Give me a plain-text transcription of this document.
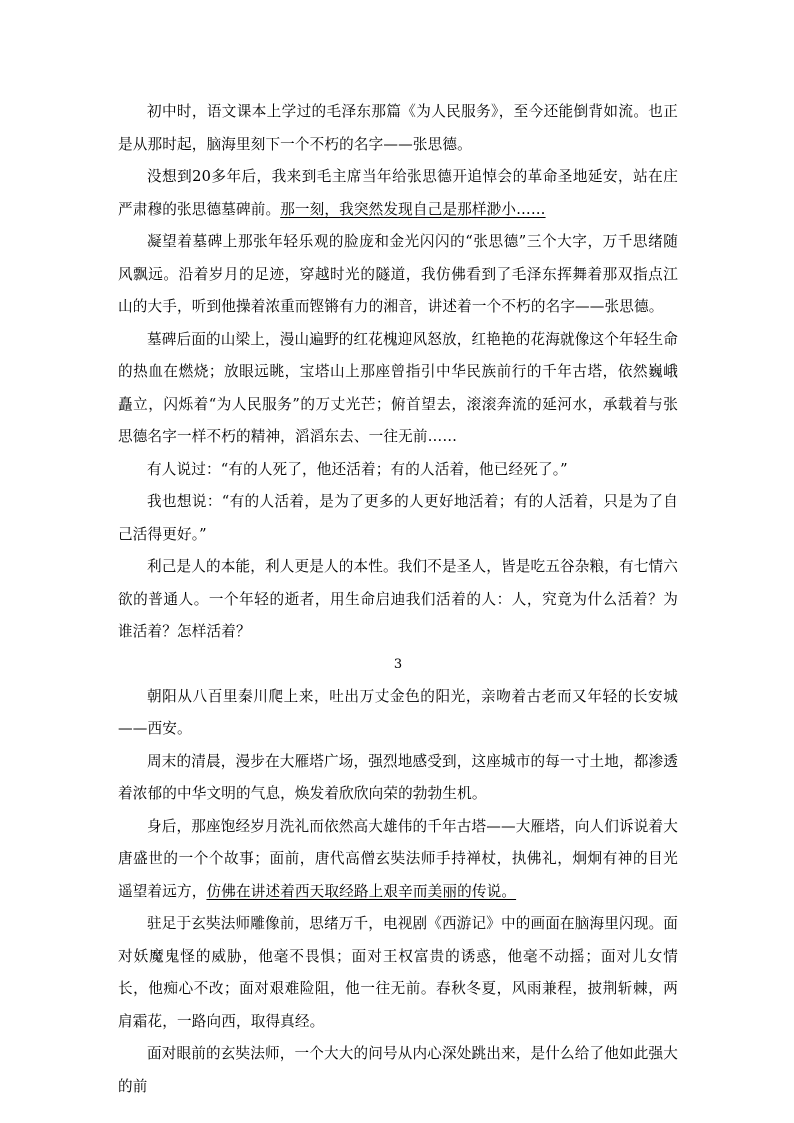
初中时，语文课本上学过的毛泽东那篇《为人民服务》，至今还能倒背如流。也正是从那时起，脑海里刻下一个不朽的名字——张思德。

没想到20多年后，我来到毛主席当年给张思德开追悼会的革命圣地延安，站在庄严肃穆的张思德墓碑前。那一刻，我突然发现自己是那样渺小……

凝望着墓碑上那张年轻乐观的脸庞和金光闪闪的“张思德”三个大字，万千思绪随风飘远。沿着岁月的足迹，穿越时光的隧道，我仿佛看到了毛泽东挥舞着那双指点江山的大手，听到他操着浓重而铿锵有力的湘音，讲述着一个不朽的名字——张思德。

墓碑后面的山梁上，漫山遍野的红花槐迎风怒放，红艳艳的花海就像这个年轻生命的热血在燃烧；放眼远眺，宝塔山上那座曾指引中华民族前行的千年古塔，依然巍峨矗立，闪烁着“为人民服务”的万丈光芒；俯首望去，滚滚奔流的延河水，承载着与张思德名字一样不朽的精神，滔滔东去、一往无前……

有人说过：“有的人死了，他还活着；有的人活着，他已经死了。”

我也想说：“有的人活着，是为了更多的人更好地活着；有的人活着，只是为了自己活得更好。”

利己是人的本能，利人更是人的本性。我们不是圣人，皆是吃五谷杂粮，有七情六欲的普通人。一个年轻的逝者，用生命启迪我们活着的人：人，究竟为什么活着？为谁活着？怎样活着？

3

朝阳从八百里秦川爬上来，吐出万丈金色的阳光，亲吻着古老而又年轻的长安城——西安。

周末的清晨，漫步在大雁塔广场，强烈地感受到，这座城市的每一寸土地，都渗透着浓郁的中华文明的气息，焕发着欣欣向荣的勃勃生机。

身后，那座饱经岁月洗礼而依然高大雄伟的千年古塔——大雁塔，向人们诉说着大唐盛世的一个个故事；面前，唐代高僧玄奘法师手持禅杖，执佛礼，炯炯有神的目光遥望着远方，仿佛在讲述着西天取经路上艰辛而美丽的传说。

驻足于玄奘法师雕像前，思绪万千，电视剧《西游记》中的画面在脑海里闪现。面对妖魔鬼怪的威胁，他毫不畏惧；面对王权富贵的诱惑，他毫不动摇；面对儿女情长，他痴心不改；面对艰难险阻，他一往无前。春秋冬夏，风雨兼程，披荆斩棘，两肩霜花，一路向西，取得真经。

面对眼前的玄奘法师，一个大大的问号从内心深处跳出来，是什么给了他如此强大的前
